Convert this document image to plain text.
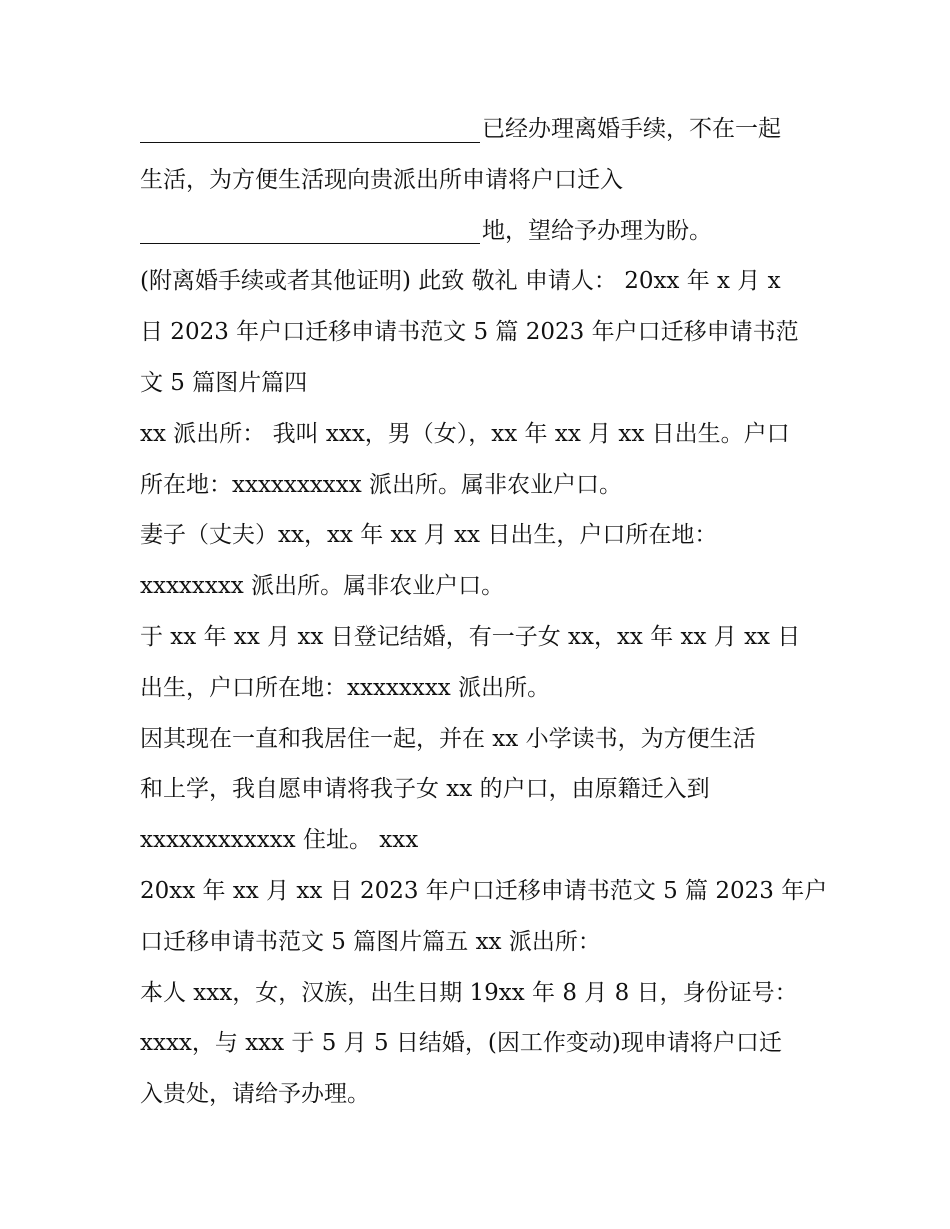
已经办理离婚手续，不在一起
生活，为方便生活现向贵派出所申请将户口迁入
地，望给予办理为盼。
(附离婚手续或者其他证明) 此致 敬礼 申请人： 20xx 年 x 月 x
日 2023 年户口迁移申请书范文 5 篇 2023 年户口迁移申请书范
文 5 篇图片篇四
xx 派出所： 我叫 xxx，男（女），xx 年 xx 月 xx 日出生。户口
所在地：xxxxxxxxxx 派出所。属非农业户口。
妻子（丈夫）xx，xx 年 xx 月 xx 日出生，户口所在地：
xxxxxxxx 派出所。属非农业户口。
于 xx 年 xx 月 xx 日登记结婚，有一子女 xx，xx 年 xx 月 xx 日
出生，户口所在地：xxxxxxxx 派出所。
因其现在一直和我居住一起，并在 xx 小学读书，为方便生活
和上学，我自愿申请将我子女 xx 的户口，由原籍迁入到
xxxxxxxxxxxx 住址。 xxx
20xx 年 xx 月 xx 日 2023 年户口迁移申请书范文 5 篇 2023 年户
口迁移申请书范文 5 篇图片篇五 xx 派出所：
本人 xxx，女，汉族，出生日期 19xx 年 8 月 8 日，身份证号：
xxxx，与 xxx 于 5 月 5 日结婚，(因工作变动)现申请将户口迁
入贵处，请给予办理。
